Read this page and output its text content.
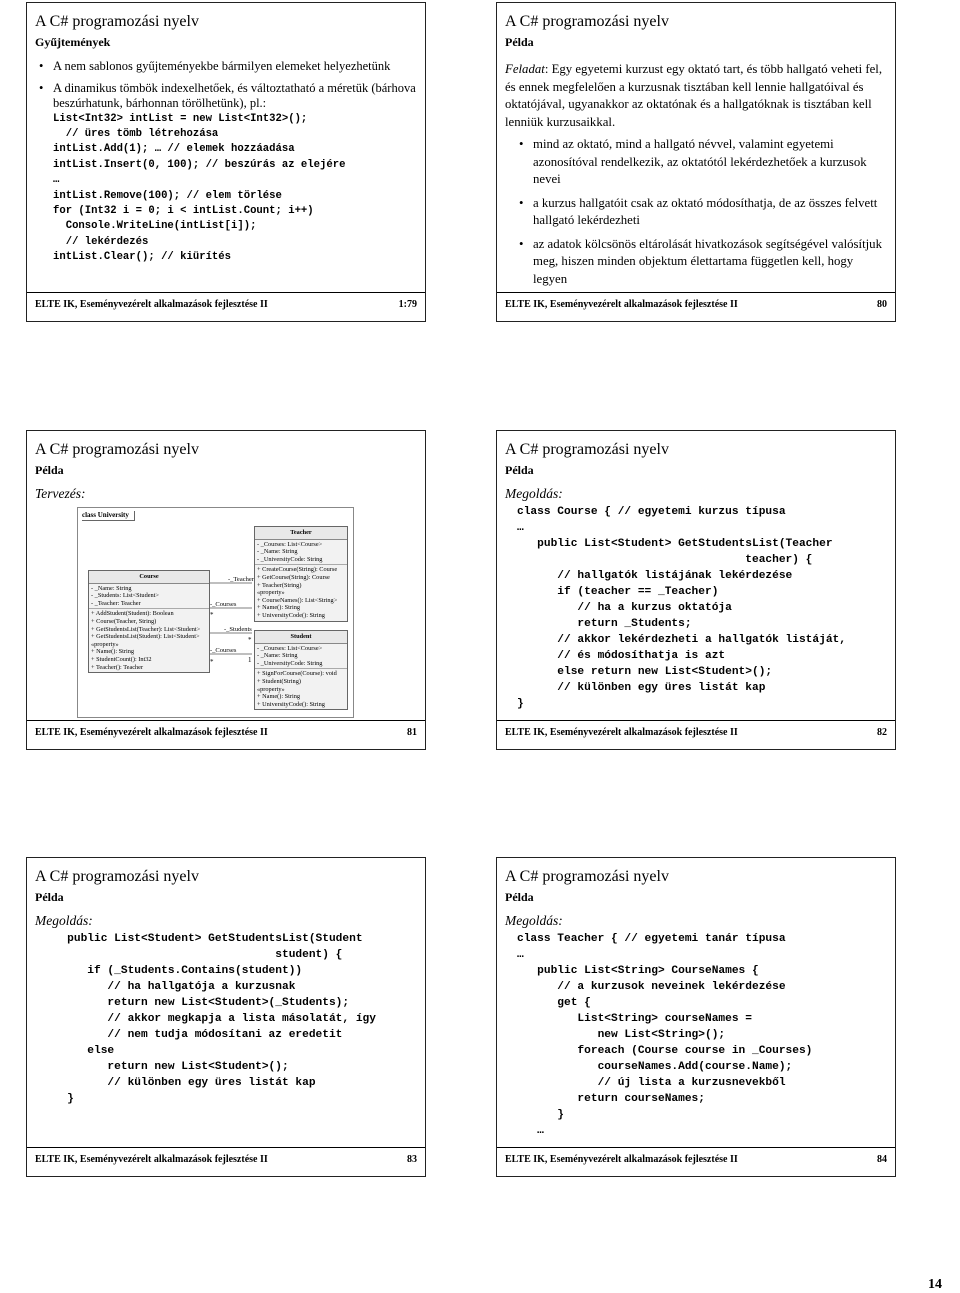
A C# programozási nyelv
Gyűjtemények
• A nem sablonos gyűjteményekbe bármilyen elemeket helyezhetünk
• A dinamikus tömbök indexelhetőek, és változtatható a méretük (bárhova beszúrhatunk, bárhonnan törölhetünk), pl.:
List<Int32> intList = new List<Int32>();
// üres tömb létrehozása
intList.Add(1); … // elemek hozzáadása
intList.Insert(0, 100); // beszúrás az elejére
…
intList.Remove(100); // elem törlése
for (Int32 i = 0; i < intList.Count; i++)
Console.WriteLine(intList[i]);
// lekérdezés
intList.Clear(); // kiürítés
ELTE IK, Eseményvezérelt alkalmazások fejlesztése II	1:79
A C# programozási nyelv
Példa
Feladat: Egy egyetemi kurzust egy oktató tart, és több hallgató veheti fel, és ennek megfelelően a kurzusnak tisztában kell lennie hallgatóival és oktatójával, ugyanakkor az oktatónak és a hallgatóknak is tisztában kell lenniük kurzusaikkal.
• mind az oktató, mind a hallgató névvel, valamint egyetemi azonosítóval rendelkezik, az oktatótól lekérdezhetőek a kurzusok nevei
• a kurzus hallgatóit csak az oktató módosíthatja, de az összes felvett hallgató lekérdezheti
• az adatok kölcsönös eltárolását hivatkozások segítségével valósítjuk meg, hiszen minden objektum élettartama független kell, hogy legyen
ELTE IK, Eseményvezérelt alkalmazások fejlesztése II	80
A C# programozási nyelv
Példa
Tervezés:
class University
-_Teacher
-_Courses
-_Students
-_Courses
*
*
*	1
Course
- _Name: String
- _Students: List<Student>
- _Teacher: Teacher
+ AddStudent(Student): Boolean
+ Course(Teacher, String)
+ GetStudentsList(Teacher): List<Student>
+ GetStudentsList(Student): List<Student>
«property»
+ Name(): String
+ StudentCount(): Int32
+ Teacher(): Teacher
Teacher
- _Courses: List<Course>
- _Name: String
- _UniversityCode: String
+ CreateCourse(String): Course
+ GetCourse(String): Course
+ Teacher(String)
«property»
+ CourseNames(): List<String>
+ Name(): String
+ UniversityCode(): String
Student
- _Courses: List<Course>
- _Name: String
- _UniversityCode: String
+ SignForCourse(Course): void
+ Student(String)
«property»
+ Name(): String
+ UniversityCode(): String
ELTE IK, Eseményvezérelt alkalmazások fejlesztése II	81
A C# programozási nyelv
Példa
Megoldás:
class Course { // egyetemi kurzus típusa
…
public List<Student> GetStudentsList(Teacher
teacher) {
// hallgatók listájának lekérdezése
if (teacher == _Teacher)
// ha a kurzus oktatója
return _Students;
// akkor lekérdezheti a hallgatók listáját,
// és módosíthatja is azt
else return new List<Student>();
// különben egy üres listát kap
}
ELTE IK, Eseményvezérelt alkalmazások fejlesztése II	82
A C# programozási nyelv
Példa
Megoldás:
public List<Student> GetStudentsList(Student
student) {
if (_Students.Contains(student))
// ha hallgatója a kurzusnak
return new List<Student>(_Students);
// akkor megkapja a lista másolatát, így
// nem tudja módosítani az eredetit
else
return new List<Student>();
// különben egy üres listát kap
}
ELTE IK, Eseményvezérelt alkalmazások fejlesztése II	83
A C# programozási nyelv
Példa
Megoldás:
class Teacher { // egyetemi tanár típusa
…
public List<String> CourseNames {
// a kurzusok neveinek lekérdezése
get {
List<String> courseNames =
new List<String>();
foreach (Course course in _Courses)
courseNames.Add(course.Name);
// új lista a kurzusnevekből
return courseNames;
}
…
ELTE IK, Eseményvezérelt alkalmazások fejlesztése II	84
14
